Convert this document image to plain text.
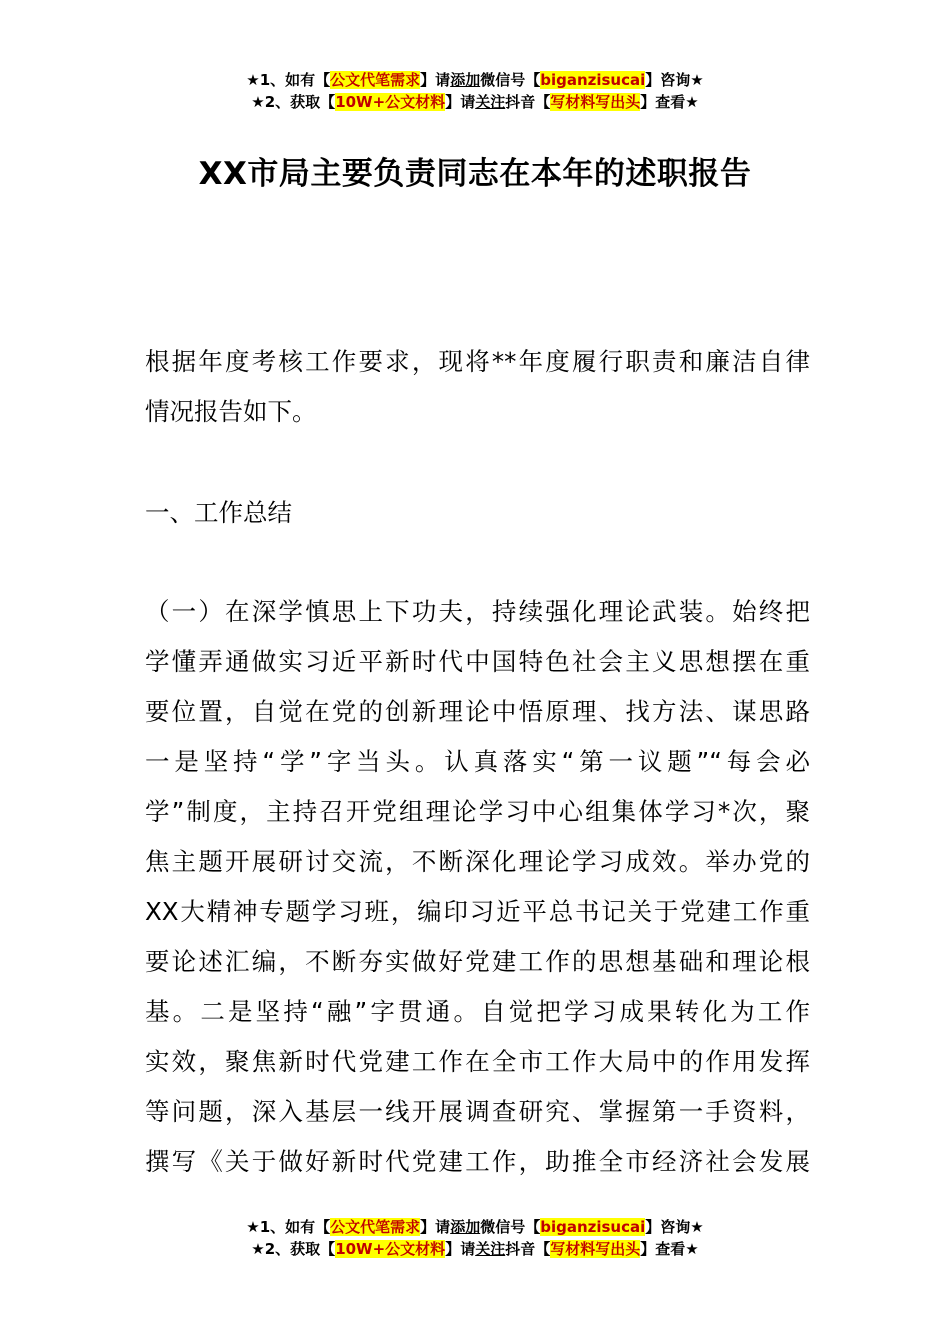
★1、如有【公文代笔需求】请添加微信号【biganzisucai】咨询★
★2、获取【10W+公文材料】请关注抖音【写材料写出头】查看★
XX市局主要负责同志在本年的述职报告
根据年度考核工作要求，现将**年度履行职责和廉洁自律
情况报告如下。
一、工作总结
（一）在深学慎思上下功夫，持续强化理论武装。始终把
学懂弄通做实习近平新时代中国特色社会主义思想摆在重
要位置，自觉在党的创新理论中悟原理、找方法、谋思路
一是坚持“学”字当头。认真落实“第一议题”“每会必
学”制度，主持召开党组理论学习中心组集体学习*次，聚
焦主题开展研讨交流，不断深化理论学习成效。举办党的
XX大精神专题学习班，编印习近平总书记关于党建工作重
要论述汇编，不断夯实做好党建工作的思想基础和理论根
基。二是坚持“融”字贯通。自觉把学习成果转化为工作
实效，聚焦新时代党建工作在全市工作大局中的作用发挥
等问题，深入基层一线开展调查研究、掌握第一手资料，
撰写《关于做好新时代党建工作，助推全市经济社会发展
★1、如有【公文代笔需求】请添加微信号【biganzisucai】咨询★
★2、获取【10W+公文材料】请关注抖音【写材料写出头】查看★
